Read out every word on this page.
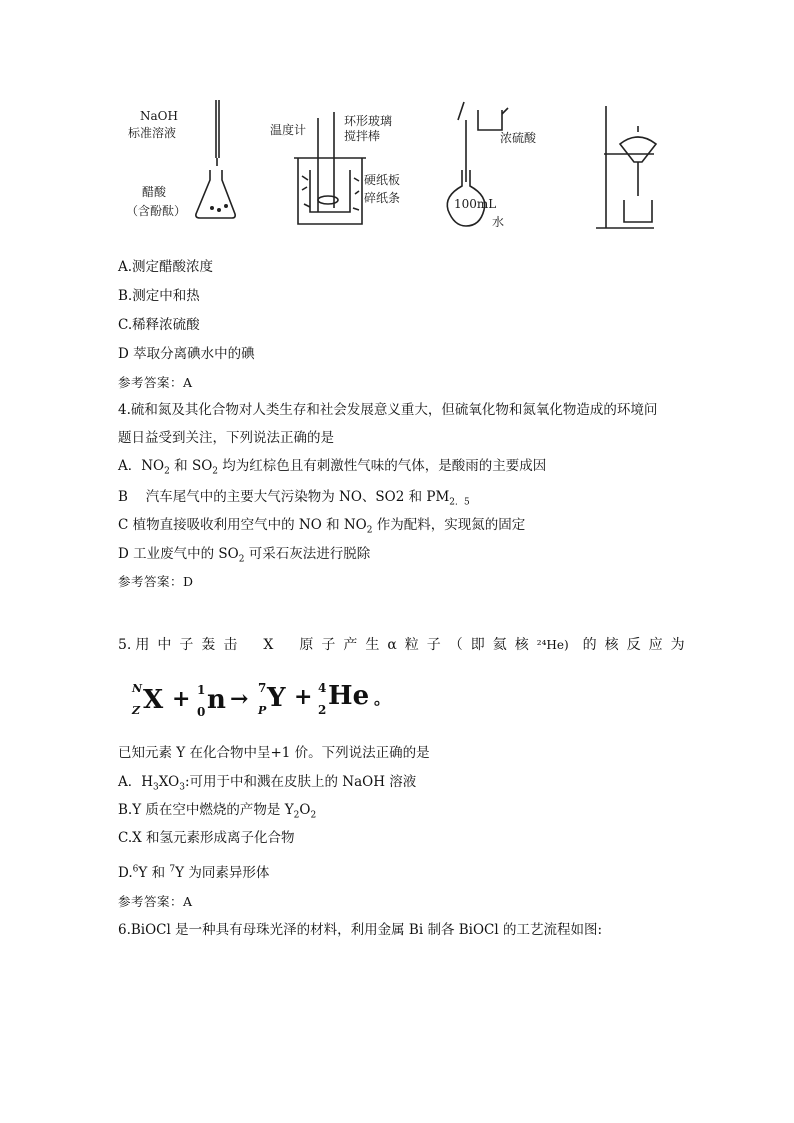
NaOH
标准溶液
醋酸
（含酚酞）
温度计
环形玻璃
搅拌棒
硬纸板
碎纸条	100mL
浓硫酸
水
A.测定醋酸浓度
B.测定中和热
C.稀释浓硫酸
D 萃取分离碘水中的碘
参考答案：A
4.硫和氮及其化合物对人类生存和社会发展意义重大，但硫氧化物和氮氧化物造成的环境问
题日益受到关注，下列说法正确的是
A．$NO_2$ 和 $SO_2$ 均为红棕色且有刺激性气味的气体，是酸雨的主要成因
B　 汽车尾气中的主要大气污染物为 NO、SO2 和 $PM_{2.5}$
C 植物直接吸收利用空气中的 NO 和 $NO_2$ 作为配料，实现氮的固定
D 工业废气中的 $SO_2$ 可采石灰法进行脱除
参考答案：D
5. 用 中 子 轰 击 X 原 子 产 生 α 粒 子 （ 即 氦 核 ²⁴He) 的 核 反 应 为
N
Z X + 1
0 n → 7
P Y + 4
2 He 。
已知元素 Y 在化合物中呈+1 价。下列说法正确的是
A．$H_3XO_3$:可用于中和溅在皮肤上的 NaOH 溶液
B.Y 质在空中燃烧的产物是 $Y_2O_2$
C.X 和氢元素形成离子化合物
D.$^6$Y 和 $^7$Y 为同素异形体
参考答案：A
6.BiOCl 是一种具有母珠光泽的材料，利用金属 Bi 制各 BiOCl 的工艺流程如图:
